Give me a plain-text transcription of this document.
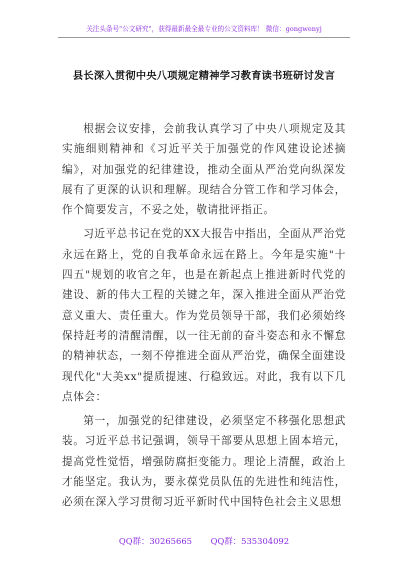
关注头条号"公文研究"，获得最新最全最专业的公文资料库！ 微信：gongwenyj
县长深入贯彻中央八项规定精神学习教育读书班研讨发言

根据会议安排，会前我认真学习了中央八项规定及其实施细则精神和《习近平关于加强党的作风建设论述摘编》，对加强党的纪律建设，推动全面从严治党向纵深发展有了更深的认识和理解。现结合分管工作和学习体会，作个简要发言，不妥之处，敬请批评指正。

习近平总书记在党的XX大报告中指出，全面从严治党永远在路上，党的自我革命永远在路上。今年是实施"十四五"规划的收官之年，也是在新起点上推进新时代党的建设、新的伟大工程的关键之年，深入推进全面从严治党意义重大、责任重大。作为党员领导干部，我们必须始终保持赶考的清醒清醒，以一往无前的奋斗姿态和永不懈怠的精神状态，一刻不停推进全面从严治党，确保全面建设现代化"大美xx"提质提速、行稳致远。对此，我有以下几点体会：

第一，加强党的纪律建设，必须坚定不移强化思想武装。习近平总书记强调，领导干部要从思想上固本培元，提高党性觉悟，增强防腐拒变能力。理论上清醒，政治上才能坚定。我认为，要永葆党员队伍的先进性和纯洁性，必须在深入学习贯彻习近平新时代中国特色社会主义思想

QQ群：30265665 QQ群：535304092
